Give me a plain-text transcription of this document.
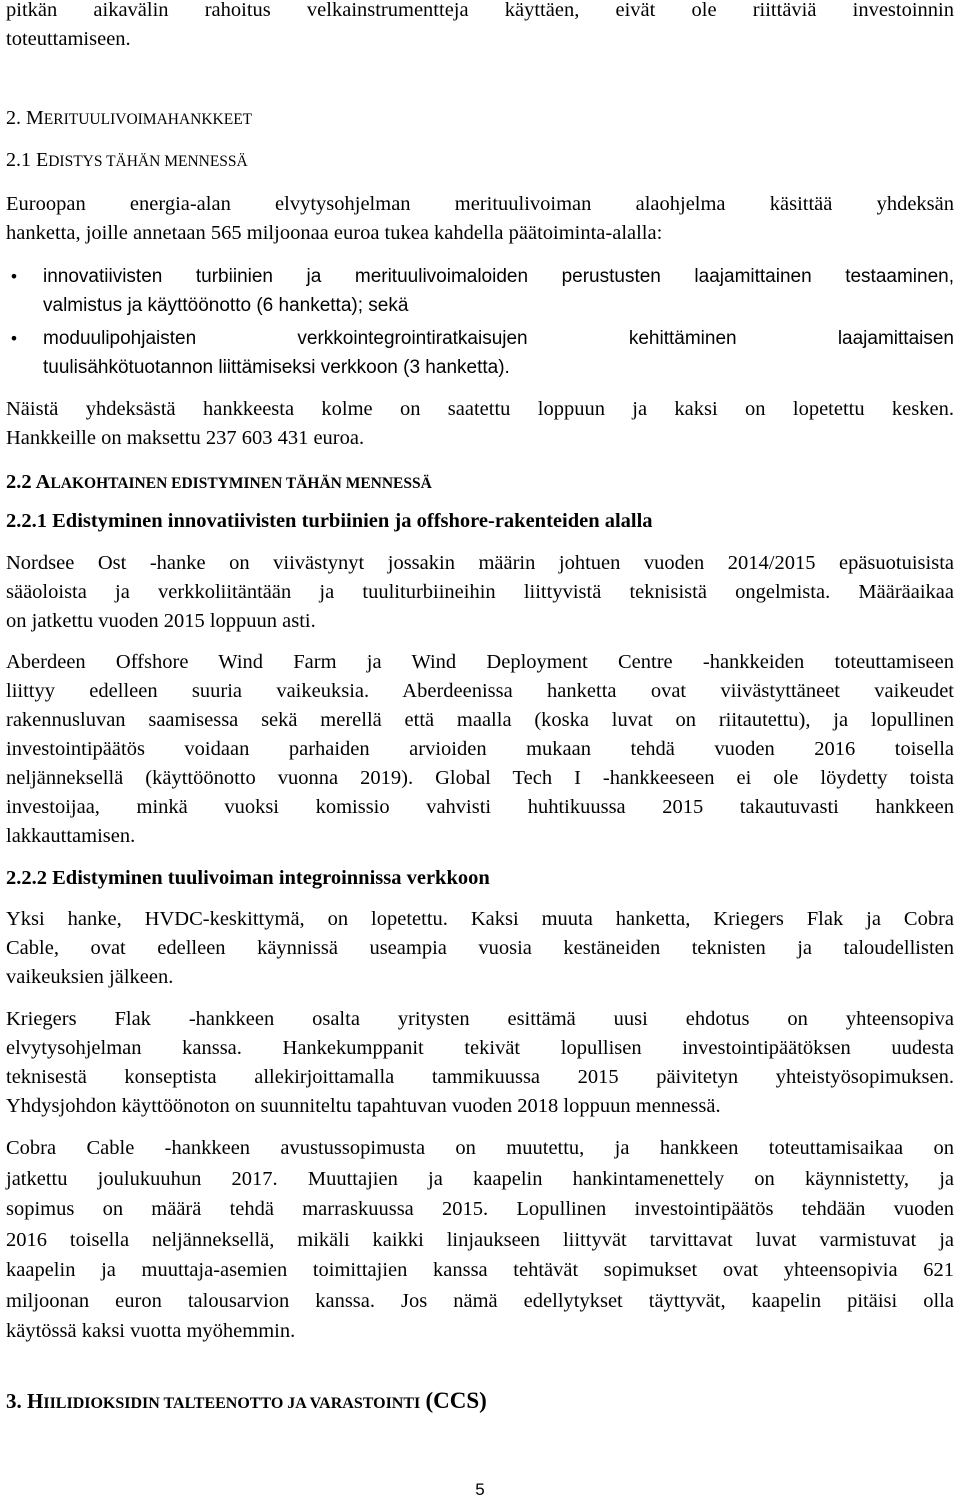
pitkän aikavälin rahoitus velkainstrumentteja käyttäen, eivät ole riittäviä investoinnin
toteuttamiseen.

2. MERITUULIVOIMAHANKKEET

2.1 EDISTYS TÄHÄN MENNESSÄ

Euroopan energia-alan elvytysohjelman merituulivoiman alaohjelma käsittää yhdeksän
hanketta, joille annetaan 565 miljoonaa euroa tukea kahdella päätoiminta-alalla:

• innovatiivisten turbiinien ja merituulivoimaloiden perustusten laajamittainen testaaminen,
valmistus ja käyttöönotto (6 hanketta); sekä

• moduulipohjaisten verkkointegrointiratkaisujen kehittäminen laajamittaisen
tuulisähkötuotannon liittämiseksi verkkoon (3 hanketta).

Näistä yhdeksästä hankkeesta kolme on saatettu loppuun ja kaksi on lopetettu kesken.
Hankkeille on maksettu 237 603 431 euroa.

2.2 ALAKOHTAINEN EDISTYMINEN TÄHÄN MENNESSÄ

2.2.1 Edistyminen innovatiivisten turbiinien ja offshore-rakenteiden alalla

Nordsee Ost -hanke on viivästynyt jossakin määrin johtuen vuoden 2014/2015 epäsuotuisista
sääoloista ja verkkoliitäntään ja tuuliturbiineihin liittyvistä teknisistä ongelmista. Määräaikaa
on jatkettu vuoden 2015 loppuun asti.

Aberdeen Offshore Wind Farm ja Wind Deployment Centre -hankkeiden toteuttamiseen
liittyy edelleen suuria vaikeuksia. Aberdeenissa hanketta ovat viivästyttäneet vaikeudet
rakennusluvan saamisessa sekä merellä että maalla (koska luvat on riitautettu), ja lopullinen
investointipäätös voidaan parhaiden arvioiden mukaan tehdä vuoden 2016 toisella
neljänneksellä (käyttöönotto vuonna 2019). Global Tech I -hankkeeseen ei ole löydetty toista
investoijaa, minkä vuoksi komissio vahvisti huhtikuussa 2015 takautuvasti hankkeen
lakkauttamisen.

2.2.2 Edistyminen tuulivoiman integroinnissa verkkoon

Yksi hanke, HVDC-keskittymä, on lopetettu. Kaksi muuta hanketta, Kriegers Flak ja Cobra
Cable, ovat edelleen käynnissä useampia vuosia kestäneiden teknisten ja taloudellisten
vaikeuksien jälkeen.

Kriegers Flak -hankkeen osalta yritysten esittämä uusi ehdotus on yhteensopiva
elvytysohjelman kanssa. Hankekumppanit tekivät lopullisen investointipäätöksen uudesta
teknisestä konseptista allekirjoittamalla tammikuussa 2015 päivitetyn yhteistyösopimuksen.
Yhdysjohdon käyttöönoton on suunniteltu tapahtuvan vuoden 2018 loppuun mennessä.

Cobra Cable -hankkeen avustussopimusta on muutettu, ja hankkeen toteuttamisaikaa on
jatkettu joulukuuhun 2017. Muuttajien ja kaapelin hankintamenettely on käynnistetty, ja
sopimus on määrä tehdä marraskuussa 2015. Lopullinen investointipäätös tehdään vuoden
2016 toisella neljänneksellä, mikäli kaikki linjaukseen liittyvät tarvittavat luvat varmistuvat ja
kaapelin ja muuttaja-asemien toimittajien kanssa tehtävät sopimukset ovat yhteensopivia 621
miljoonan euron talousarvion kanssa. Jos nämä edellytykset täyttyvät, kaapelin pitäisi olla
käytössä kaksi vuotta myöhemmin.

3. HIILIDIOKSIDIN TALTEENOTTO JA VARASTOINTI (CCS)

5
